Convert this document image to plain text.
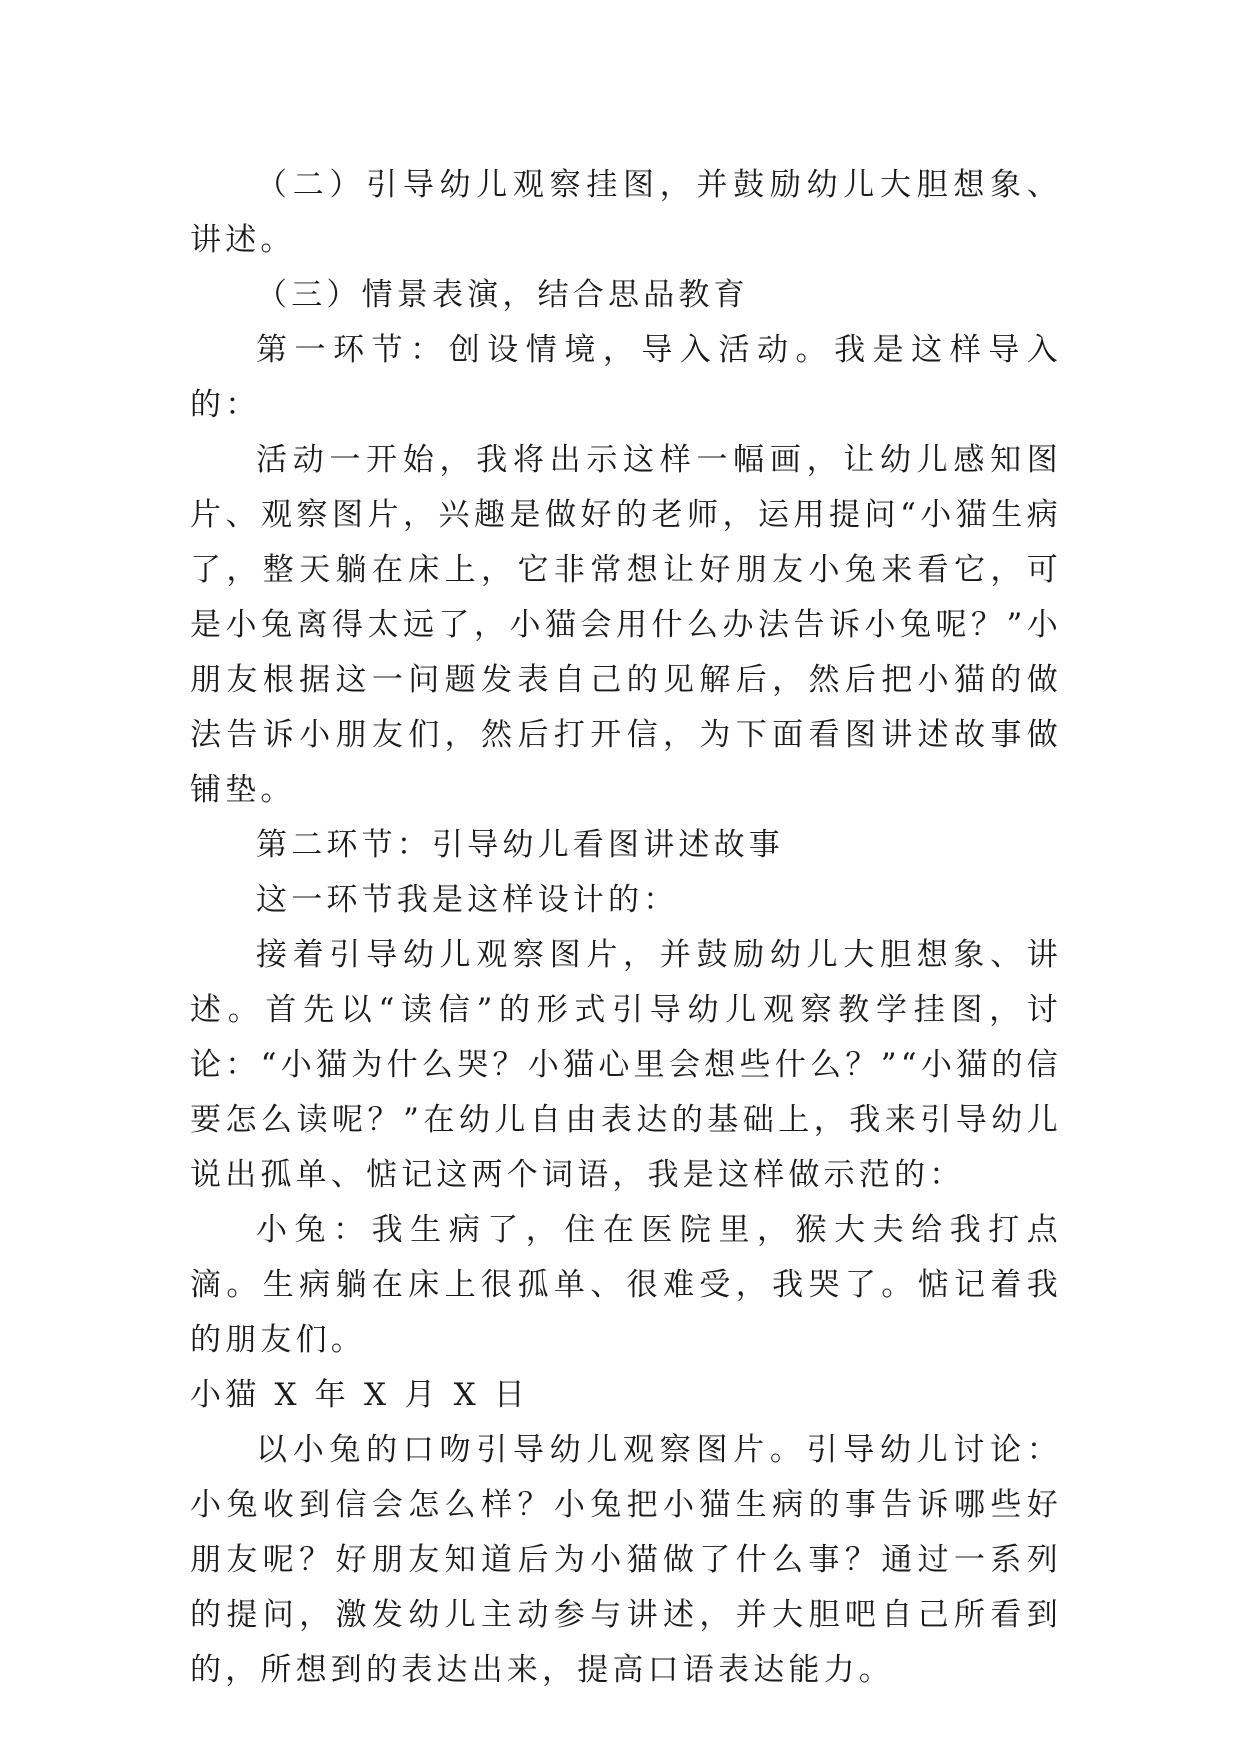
（二）引导幼儿观察挂图，并鼓励幼儿大胆想象、讲述。

（三）情景表演，结合思品教育

第一环节：创设情境，导入活动。我是这样导入的：

活动一开始，我将出示这样一幅画，让幼儿感知图片、观察图片，兴趣是做好的老师，运用提问“小猫生病了，整天躺在床上，它非常想让好朋友小兔来看它，可是小兔离得太远了，小猫会用什么办法告诉小兔呢？”小朋友根据这一问题发表自己的见解后，然后把小猫的做法告诉小朋友们，然后打开信，为下面看图讲述故事做铺垫。

第二环节：引导幼儿看图讲述故事

这一环节我是这样设计的：

接着引导幼儿观察图片，并鼓励幼儿大胆想象、讲述。首先以“读信”的形式引导幼儿观察教学挂图，讨论：“小猫为什么哭？小猫心里会想些什么？”“小猫的信要怎么读呢？”在幼儿自由表达的基础上，我来引导幼儿说出孤单、惦记这两个词语，我是这样做示范的：

小兔：我生病了，住在医院里，猴大夫给我打点滴。生病躺在床上很孤单、很难受，我哭了。惦记着我的朋友们。

小猫 X 年 X 月 X 日

以小兔的口吻引导幼儿观察图片。引导幼儿讨论：小兔收到信会怎么样？小兔把小猫生病的事告诉哪些好朋友呢？好朋友知道后为小猫做了什么事？通过一系列的提问，激发幼儿主动参与讲述，并大胆吧自己所看到的，所想到的表达出来，提高口语表达能力。
